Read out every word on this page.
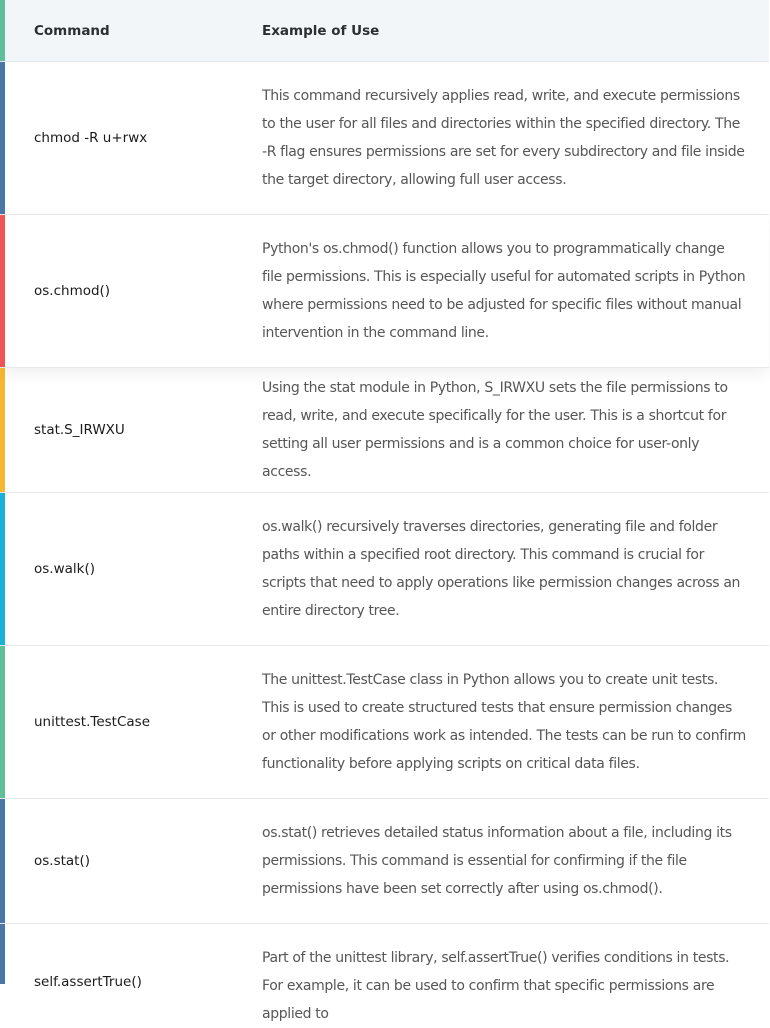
Command	Example of Use
chmod -R u+rwx
This command recursively applies read, write, and execute permissions to the user for all files and directories within the specified directory. The -R flag ensures permissions are set for every subdirectory and file inside the target directory, allowing full user access.
os.chmod()
Python's os.chmod() function allows you to programmatically change file permissions. This is especially useful for automated scripts in Python where permissions need to be adjusted for specific files without manual intervention in the command line.
stat.S_IRWXU
Using the stat module in Python, S_IRWXU sets the file permissions to read, write, and execute specifically for the user. This is a shortcut for setting all user permissions and is a common choice for user-only access.
os.walk()
os.walk() recursively traverses directories, generating file and folder paths within a specified root directory. This command is crucial for scripts that need to apply operations like permission changes across an entire directory tree.
unittest.TestCase
The unittest.TestCase class in Python allows you to create unit tests. This is used to create structured tests that ensure permission changes or other modifications work as intended. The tests can be run to confirm functionality before applying scripts on critical data files.
os.stat()
os.stat() retrieves detailed status information about a file, including its permissions. This command is essential for confirming if the file permissions have been set correctly after using os.chmod().
self.assertTrue()
Part of the unittest library, self.assertTrue() verifies conditions in tests. For example, it can be used to confirm that specific permissions are applied to
